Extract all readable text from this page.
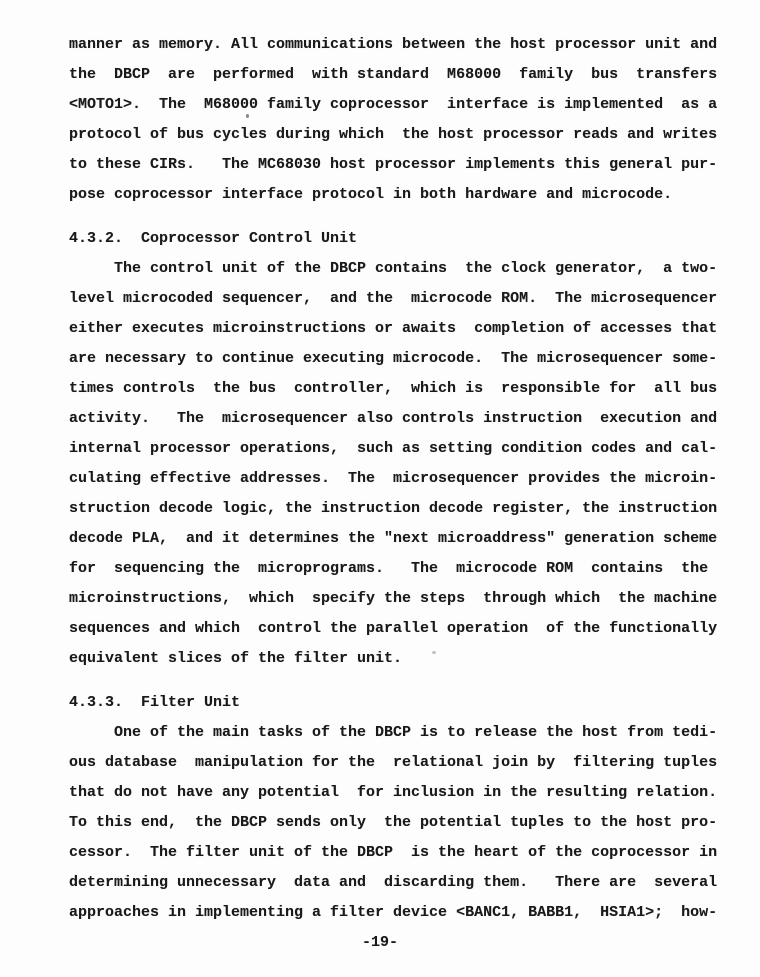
manner as memory. All communications between the host processor unit and
the  DBCP  are  performed  with standard  M68000  family  bus  transfers
<MOTO1>.  The  M68000 family coprocessor  interface is implemented  as a
protocol of bus cycles during which  the host processor reads and writes
to these CIRs.   The MC68030 host processor implements this general pur-
pose coprocessor interface protocol in both hardware and microcode.
4.3.2.  Coprocessor Control Unit
The control unit of the DBCP contains  the clock generator,  a two-
level microcoded sequencer,  and the  microcode ROM.  The microsequencer
either executes microinstructions or awaits  completion of accesses that
are necessary to continue executing microcode.  The microsequencer some-
times controls  the bus  controller,  which is  responsible for  all bus
activity.   The  microsequencer also controls instruction  execution and
internal processor operations,  such as setting condition codes and cal-
culating effective addresses.  The  microsequencer provides the microin-
struction decode logic, the instruction decode register, the instruction
decode PLA,  and it determines the "next microaddress" generation scheme
for  sequencing the  microprograms.   The  microcode ROM  contains  the
microinstructions,  which  specify the steps  through which  the machine
sequences and which  control the parallel operation  of the functionally
equivalent slices of the filter unit.
4.3.3.  Filter Unit
One of the main tasks of the DBCP is to release the host from tedi-
ous database  manipulation for the  relational join by  filtering tuples
that do not have any potential  for inclusion in the resulting relation.
To this end,  the DBCP sends only  the potential tuples to the host pro-
cessor.  The filter unit of the DBCP  is the heart of the coprocessor in
determining unnecessary  data and  discarding them.   There are  several
approaches in implementing a filter device <BANC1, BABB1,  HSIA1>;  how-
-19-
